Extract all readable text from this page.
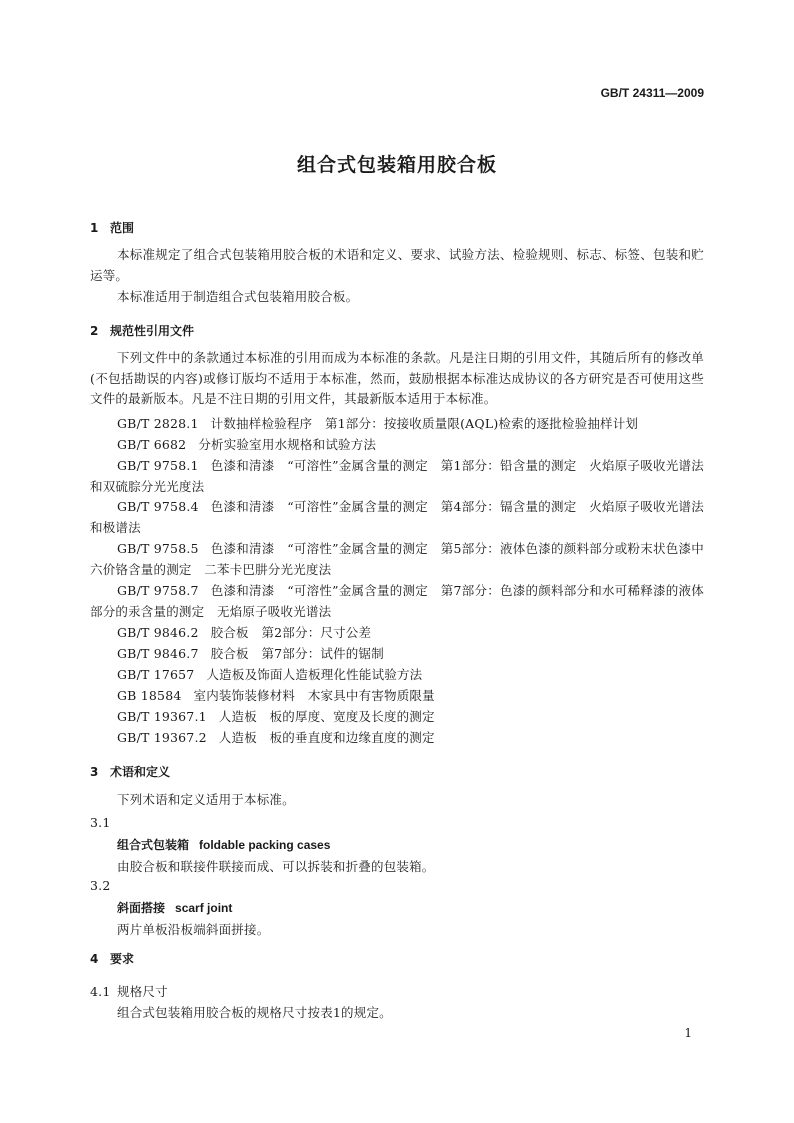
GB/T 24311—2009
组合式包装箱用胶合板
1 范围
本标准规定了组合式包装箱用胶合板的术语和定义、要求、试验方法、检验规则、标志、标签、包装和贮运等。
本标准适用于制造组合式包装箱用胶合板。
2 规范性引用文件
下列文件中的条款通过本标准的引用而成为本标准的条款。凡是注日期的引用文件，其随后所有的修改单(不包括勘误的内容)或修订版均不适用于本标准，然而，鼓励根据本标准达成协议的各方研究是否可使用这些文件的最新版本。凡是不注日期的引用文件，其最新版本适用于本标准。
GB/T 2828.1 计数抽样检验程序　第1部分：按接收质量限(AQL)检索的逐批检验抽样计划
GB/T 6682 分析实验室用水规格和试验方法
GB/T 9758.1 色漆和清漆　“可溶性”金属含量的测定　第1部分：铅含量的测定　火焰原子吸收光谱法和双硫腙分光光度法
GB/T 9758.4 色漆和清漆　“可溶性”金属含量的测定　第4部分：镉含量的测定　火焰原子吸收光谱法和极谱法
GB/T 9758.5 色漆和清漆　“可溶性”金属含量的测定　第5部分：液体色漆的颜料部分或粉末状色漆中六价铬含量的测定　二苯卡巴肼分光光度法
GB/T 9758.7 色漆和清漆　“可溶性”金属含量的测定　第7部分：色漆的颜料部分和水可稀释漆的液体部分的汞含量的测定　无焰原子吸收光谱法
GB/T 9846.2 胶合板　第2部分：尺寸公差
GB/T 9846.7 胶合板　第7部分：试件的锯制
GB/T 17657 人造板及饰面人造板理化性能试验方法
GB 18584 室内装饰装修材料　木家具中有害物质限量
GB/T 19367.1 人造板　板的厚度、宽度及长度的测定
GB/T 19367.2 人造板　板的垂直度和边缘直度的测定
3 术语和定义
下列术语和定义适用于本标准。
3.1
组合式包装箱 foldable packing cases
由胶合板和联接件联接而成、可以拆装和折叠的包装箱。
3.2
斜面搭接 scarf joint
两片单板沿板端斜面拼接。
4 要求
4.1 规格尺寸
组合式包装箱用胶合板的规格尺寸按表1的规定。
1
